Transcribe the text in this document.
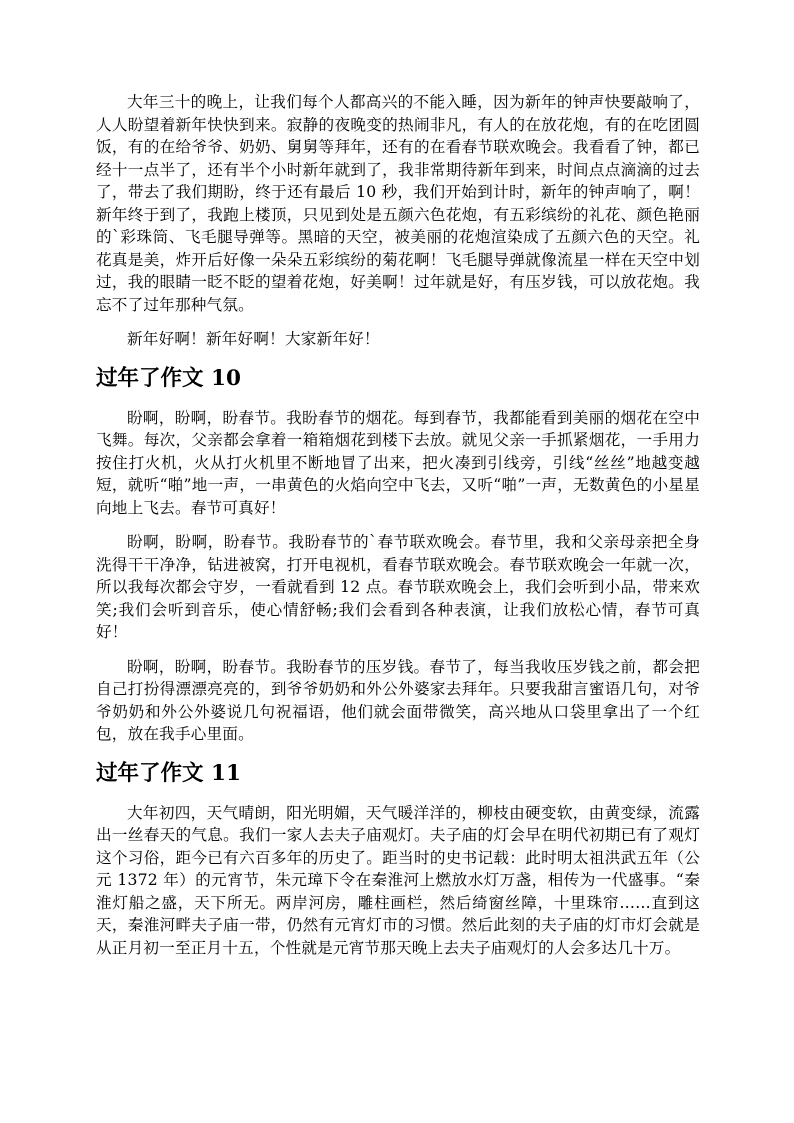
大年三十的晚上，让我们每个人都高兴的不能入睡，因为新年的钟声快要敲响了，人人盼望着新年快快到来。寂静的夜晚变的热闹非凡，有人的在放花炮，有的在吃团圆饭，有的在给爷爷、奶奶、舅舅等拜年，还有的在看春节联欢晚会。我看看了钟，都已经十一点半了，还有半个小时新年就到了，我非常期待新年到来，时间点点滴滴的过去了，带去了我们期盼，终于还有最后 10 秒，我们开始到计时，新年的钟声响了，啊！新年终于到了，我跑上楼顶，只见到处是五颜六色花炮，有五彩缤纷的礼花、颜色艳丽的`彩珠筒、飞毛腿导弹等。黑暗的天空，被美丽的花炮渲染成了五颜六色的天空。礼花真是美，炸开后好像一朵朵五彩缤纷的菊花啊！飞毛腿导弹就像流星一样在天空中划过，我的眼睛一眨不眨的望着花炮，好美啊！过年就是好，有压岁钱，可以放花炮。我忘不了过年那种气氛。

新年好啊！新年好啊！大家新年好！

过年了作文 10

盼啊，盼啊，盼春节。我盼春节的烟花。每到春节，我都能看到美丽的烟花在空中飞舞。每次，父亲都会拿着一箱箱烟花到楼下去放。就见父亲一手抓紧烟花，一手用力按住打火机，火从打火机里不断地冒了出来，把火凑到引线旁，引线“丝丝”地越变越短，就听“啪”地一声，一串黄色的火焰向空中飞去，又听“啪”一声，无数黄色的小星星向地上飞去。春节可真好！

盼啊，盼啊，盼春节。我盼春节的`春节联欢晚会。春节里，我和父亲母亲把全身洗得干干净净，钻进被窝，打开电视机，看春节联欢晚会。春节联欢晚会一年就一次，所以我每次都会守岁，一看就看到 12 点。春节联欢晚会上，我们会听到小品，带来欢笑;我们会听到音乐，使心情舒畅;我们会看到各种表演，让我们放松心情，春节可真好！

盼啊，盼啊，盼春节。我盼春节的压岁钱。春节了，每当我收压岁钱之前，都会把自己打扮得漂漂亮亮的，到爷爷奶奶和外公外婆家去拜年。只要我甜言蜜语几句，对爷爷奶奶和外公外婆说几句祝福语，他们就会面带微笑，高兴地从口袋里拿出了一个红包，放在我手心里面。

过年了作文 11

大年初四，天气晴朗，阳光明媚，天气暖洋洋的，柳枝由硬变软，由黄变绿，流露出一丝春天的气息。我们一家人去夫子庙观灯。夫子庙的灯会早在明代初期已有了观灯这个习俗，距今已有六百多年的历史了。距当时的史书记载：此时明太祖洪武五年（公元 1372 年）的元宵节，朱元璋下令在秦淮河上燃放水灯万盏，相传为一代盛事。“秦淮灯船之盛，天下所无。两岸河房，雕柱画栏，然后绮窗丝障，十里珠帘……直到这天，秦淮河畔夫子庙一带，仍然有元宵灯市的习惯。然后此刻的夫子庙的灯市灯会就是从正月初一至正月十五，个性就是元宵节那天晚上去夫子庙观灯的人会多达几十万。
